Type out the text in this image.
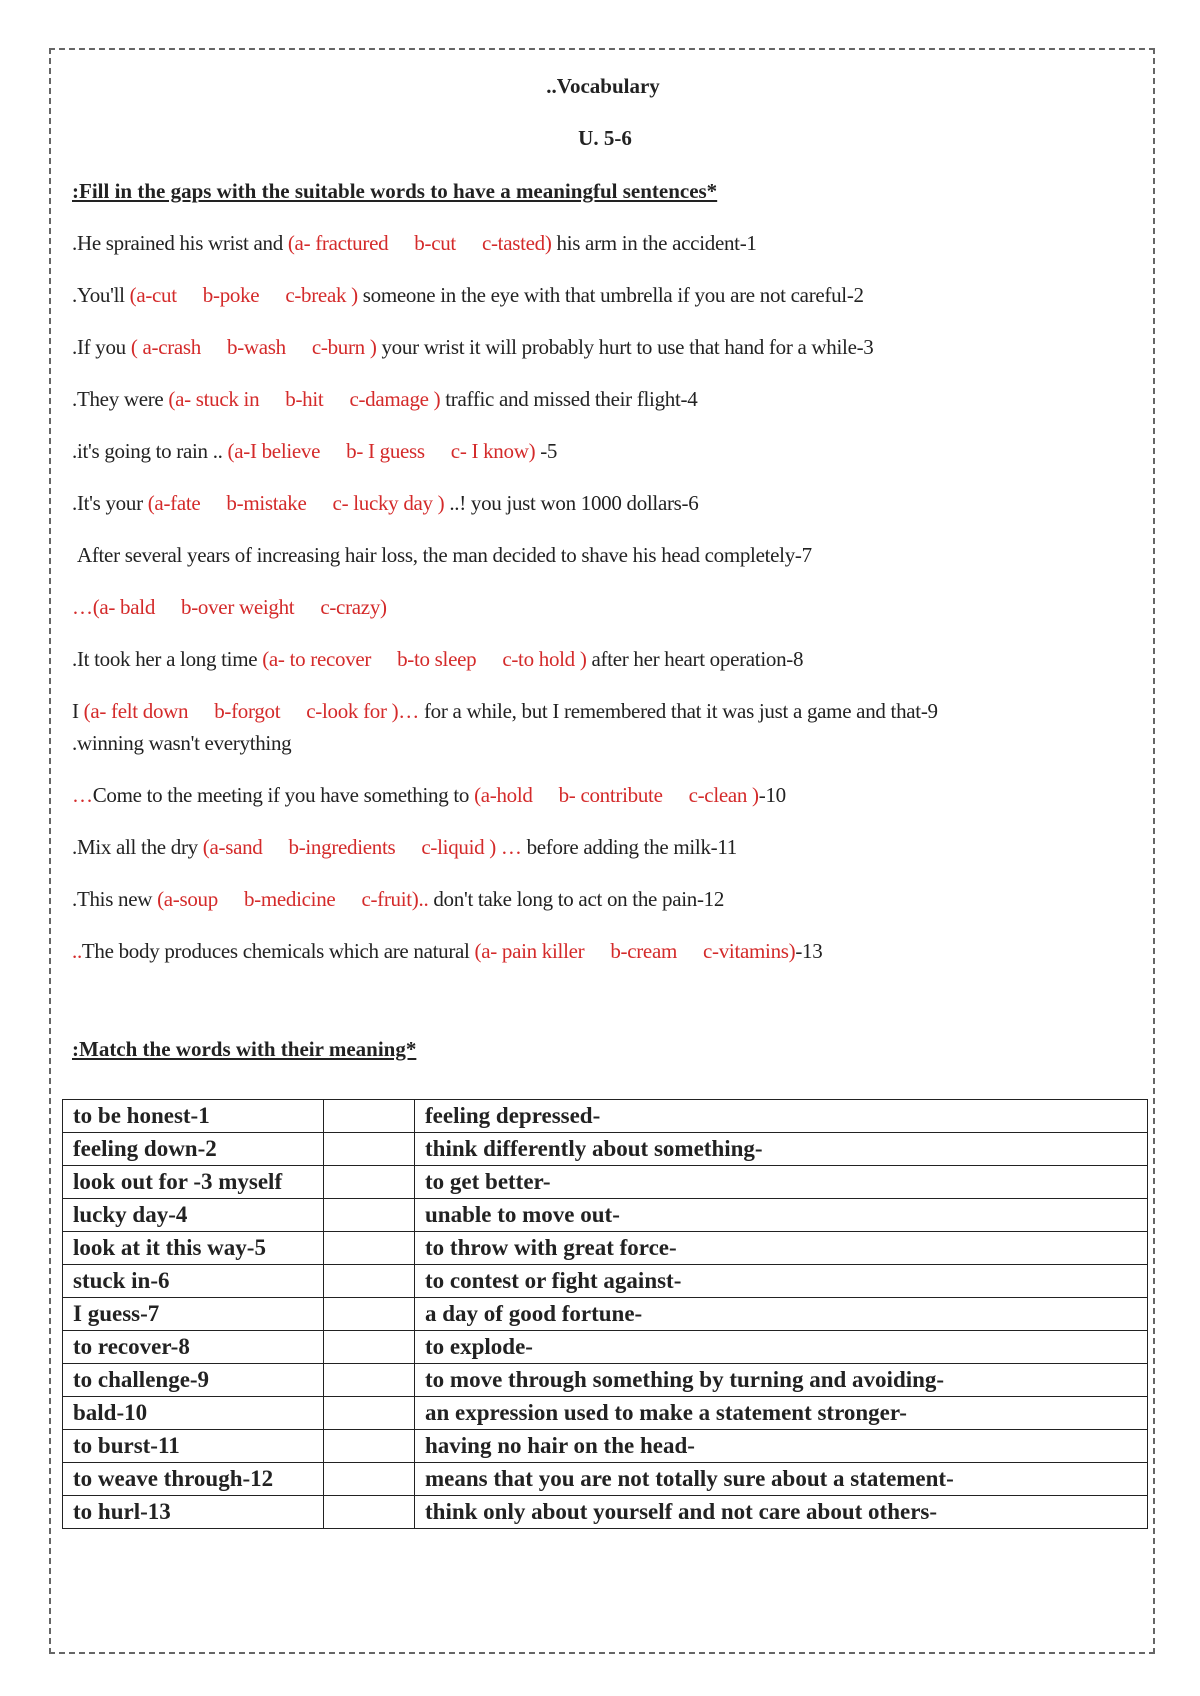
..Vocabulary

U. 5-6

:Fill in the gaps with the suitable words to have a meaningful sentences*

.He sprained his wrist and (a- fractured b-cut c-tasted) his arm in the accident-1

.You'll (a-cut b-poke c-break ) someone in the eye with that umbrella if you are not careful-2

.If you ( a-crash b-wash c-burn ) your wrist it will probably hurt to use that hand for a while-3

.They were (a- stuck in b-hit c-damage ) traffic and missed their flight-4

.it's going to rain .. (a-I believe b- I guess c- I know) -5

.It's your (a-fate b-mistake c- lucky day ) ..! you just won 1000 dollars-6

After several years of increasing hair loss, the man decided to shave his head completely-7

…(a- bald b-over weight c-crazy)

.It took her a long time (a- to recover b-to sleep c-to hold ) after her heart operation-8

I (a- felt down b-forgot c-look for )… for a while, but I remembered that it was just a game and that-9

.winning wasn't everything

…Come to the meeting if you have something to (a-hold b- contribute c-clean )-10

.Mix all the dry (a-sand b-ingredients c-liquid ) … before adding the milk-11

.This new (a-soup b-medicine c-fruit).. don't take long to act on the pain-12

..The body produces chemicals which are natural (a- pain killer b-cream c-vitamins)-13

:Match the words with their meaning*

to be honest-1		feeling depressed-
feeling down-2		think differently about something-
look out for -3 myself		to get better-
lucky day-4		unable to move out-
look at it this way-5		to throw with great force-
stuck in-6		to contest or fight against-
I guess-7		a day of good fortune-
to recover-8		to explode-
to challenge-9		to move through something by turning and avoiding-
bald-10		an expression used to make a statement stronger-
to burst-11		having no hair on the head-
to weave through-12		means that you are not totally sure about a statement-
to hurl-13		think only about yourself and not care about others-
